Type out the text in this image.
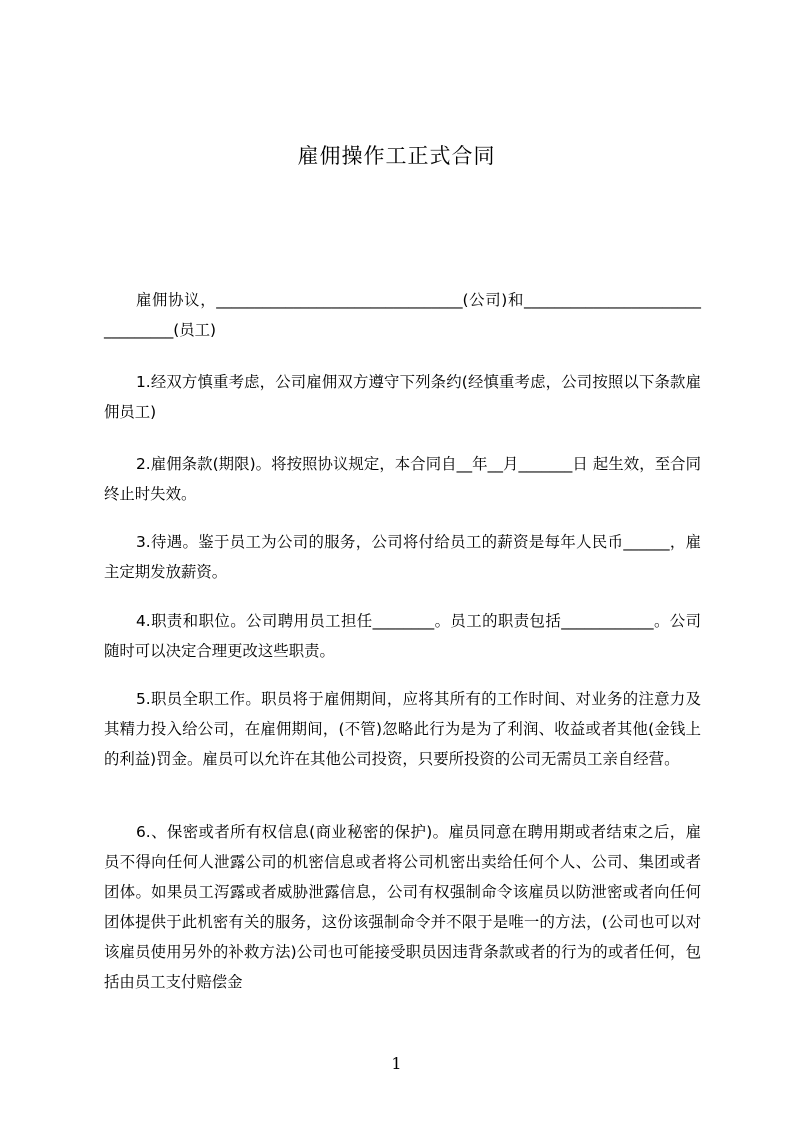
雇佣操作工正式合同

雇佣协议，________________________________(公司)和________________________________(员工)

1.经双方慎重考虑，公司雇佣双方遵守下列条约(经慎重考虑，公司按照以下条款雇佣员工)

2.雇佣条款(期限)。将按照协议规定，本合同自__年__月_______日 起生效，至合同终止时失效。

3.待遇。鉴于员工为公司的服务，公司将付给员工的薪资是每年人民币______，雇主定期发放薪资。

4.职责和职位。公司聘用员工担任________。员工的职责包括____________。公司随时可以决定合理更改这些职责。

5.职员全职工作。职员将于雇佣期间，应将其所有的工作时间、对业务的注意力及其精力投入给公司，在雇佣期间，(不管)忽略此行为是为了利润、收益或者其他(金钱上的利益)罚金。雇员可以允许在其他公司投资，只要所投资的公司无需员工亲自经营。

6.、保密或者所有权信息(商业秘密的保护)。雇员同意在聘用期或者结束之后，雇员不得向任何人泄露公司的机密信息或者将公司机密出卖给任何个人、公司、集团或者团体。如果员工泻露或者威胁泄露信息，公司有权强制命令该雇员以防泄密或者向任何团体提供于此机密有关的服务，这份该强制命令并不限于是唯一的方法，(公司也可以对该雇员使用另外的补救方法)公司也可能接受职员因违背条款或者的行为的或者任何，包括由员工支付赔偿金

1
